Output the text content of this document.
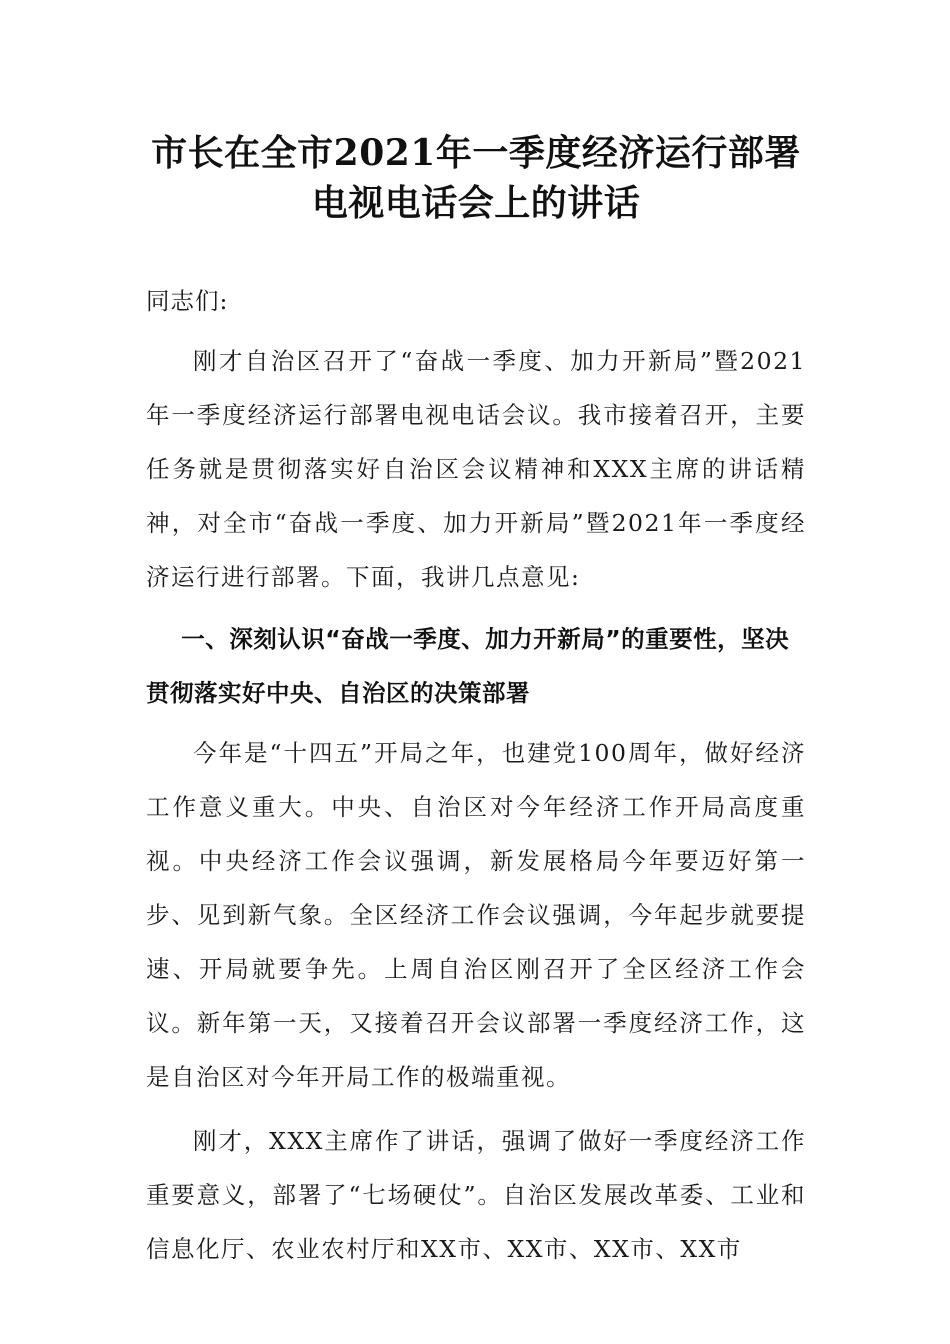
市长在全市2021年一季度经济运行部署电视电话会上的讲话

同志们:

刚才自治区召开了“奋战一季度、加力开新局”暨2021年一季度经济运行部署电视电话会议。我市接着召开，主要任务就是贯彻落实好自治区会议精神和XXX主席的讲话精神，对全市“奋战一季度、加力开新局”暨2021年一季度经济运行进行部署。下面，我讲几点意见:

一、深刻认识“奋战一季度、加力开新局”的重要性，坚决贯彻落实好中央、自治区的决策部署

今年是“十四五”开局之年，也建党100周年，做好经济工作意义重大。中央、自治区对今年经济工作开局高度重视。中央经济工作会议强调，新发展格局今年要迈好第一步、见到新气象。全区经济工作会议强调，今年起步就要提速、开局就要争先。上周自治区刚召开了全区经济工作会议。新年第一天，又接着召开会议部署一季度经济工作，这是自治区对今年开局工作的极端重视。

刚才，XXX主席作了讲话，强调了做好一季度经济工作重要意义，部署了“七场硬仗”。自治区发展改革委、工业和信息化厅、农业农村厅和XX市、XX市、XX市、XX市
